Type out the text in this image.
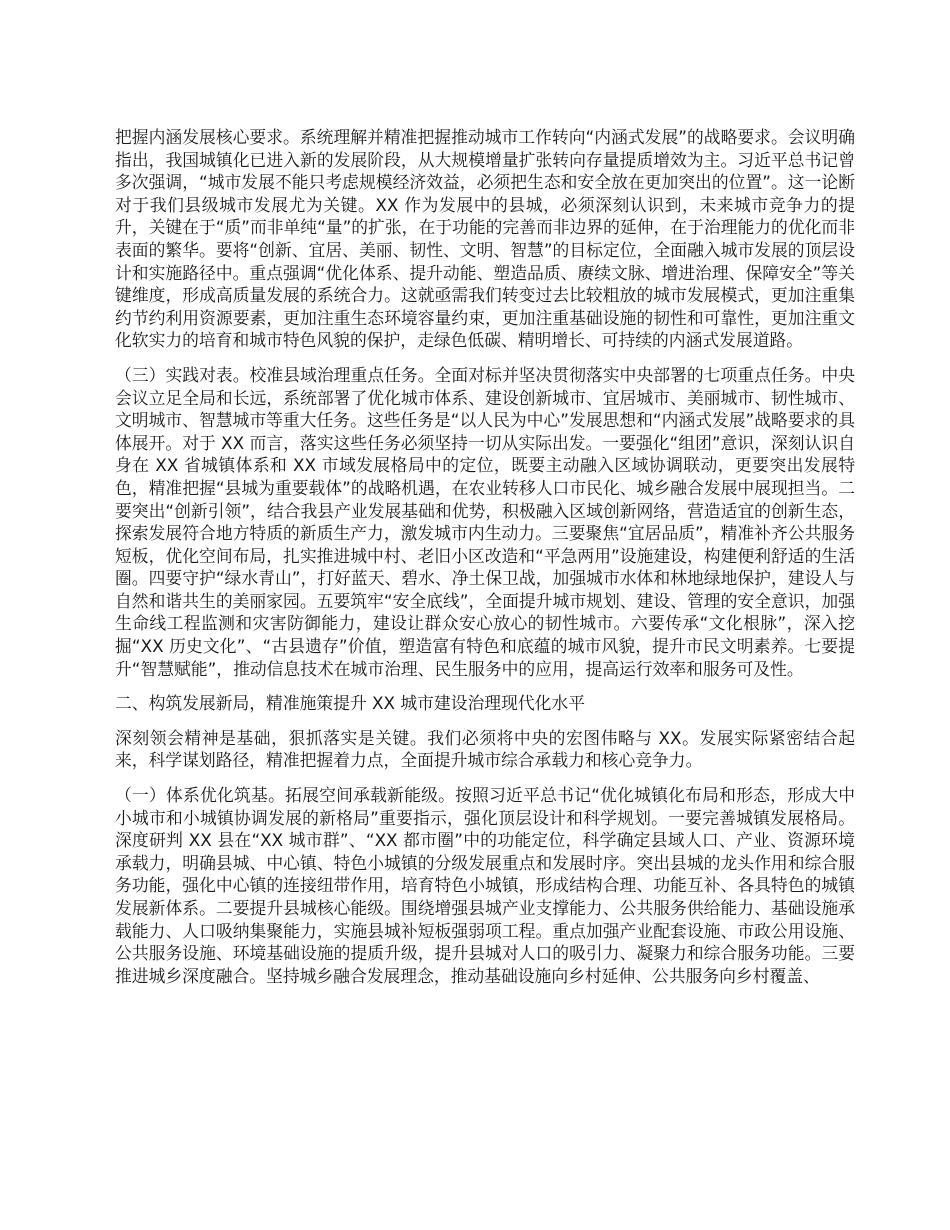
把握内涵发展核心要求。系统理解并精准把握推动城市工作转向“内涵式发展”的战略要求。会议明确指出，我国城镇化已进入新的发展阶段，从大规模增量扩张转向存量提质增效为主。习近平总书记曾多次强调，“城市发展不能只考虑规模经济效益，必须把生态和安全放在更加突出的位置”。这一论断对于我们县级城市发展尤为关键。XX 作为发展中的县城，必须深刻认识到，未来城市竞争力的提升，关键在于“质”而非单纯“量”的扩张，在于功能的完善而非边界的延伸，在于治理能力的优化而非表面的繁华。要将“创新、宜居、美丽、韧性、文明、智慧”的目标定位，全面融入城市发展的顶层设计和实施路径中。重点强调“优化体系、提升动能、塑造品质、赓续文脉、增进治理、保障安全”等关键维度，形成高质量发展的系统合力。这就亟需我们转变过去比较粗放的城市发展模式，更加注重集约节约利用资源要素，更加注重生态环境容量约束，更加注重基础设施的韧性和可靠性，更加注重文化软实力的培育和城市特色风貌的保护，走绿色低碳、精明增长、可持续的内涵式发展道路。

（三）实践对表。校准县域治理重点任务。全面对标并坚决贯彻落实中央部署的七项重点任务。中央会议立足全局和长远，系统部署了优化城市体系、建设创新城市、宜居城市、美丽城市、韧性城市、文明城市、智慧城市等重大任务。这些任务是“以人民为中心”发展思想和“内涵式发展”战略要求的具体展开。对于 XX 而言，落实这些任务必须坚持一切从实际出发。一要强化“组团”意识，深刻认识自身在 XX 省城镇体系和 XX 市域发展格局中的定位，既要主动融入区域协调联动，更要突出发展特色，精准把握“县城为重要载体”的战略机遇，在农业转移人口市民化、城乡融合发展中展现担当。二要突出“创新引领”，结合我县产业发展基础和优势，积极融入区域创新网络，营造适宜的创新生态，探索发展符合地方特质的新质生产力，激发城市内生动力。三要聚焦“宜居品质”，精准补齐公共服务短板，优化空间布局，扎实推进城中村、老旧小区改造和“平急两用”设施建设，构建便利舒适的生活圈。四要守护“绿水青山”，打好蓝天、碧水、净土保卫战，加强城市水体和林地绿地保护，建设人与自然和谐共生的美丽家园。五要筑牢“安全底线”，全面提升城市规划、建设、管理的安全意识，加强生命线工程监测和灾害防御能力，建设让群众安心放心的韧性城市。六要传承“文化根脉”，深入挖掘“XX 历史文化”、“古县遗存”价值，塑造富有特色和底蕴的城市风貌，提升市民文明素养。七要提升“智慧赋能”，推动信息技术在城市治理、民生服务中的应用，提高运行效率和服务可及性。

二、构筑发展新局，精准施策提升 XX 城市建设治理现代化水平

深刻领会精神是基础，狠抓落实是关键。我们必须将中央的宏图伟略与 XX。发展实际紧密结合起来，科学谋划路径，精准把握着力点，全面提升城市综合承载力和核心竞争力。

（一）体系优化筑基。拓展空间承载新能级。按照习近平总书记“优化城镇化布局和形态，形成大中小城市和小城镇协调发展的新格局”重要指示，强化顶层设计和科学规划。一要完善城镇发展格局。深度研判 XX 县在“XX 城市群”、“XX 都市圈”中的功能定位，科学确定县域人口、产业、资源环境承载力，明确县城、中心镇、特色小城镇的分级发展重点和发展时序。突出县城的龙头作用和综合服务功能，强化中心镇的连接纽带作用，培育特色小城镇，形成结构合理、功能互补、各具特色的城镇发展新体系。二要提升县城核心能级。围绕增强县城产业支撑能力、公共服务供给能力、基础设施承载能力、人口吸纳集聚能力，实施县城补短板强弱项工程。重点加强产业配套设施、市政公用设施、公共服务设施、环境基础设施的提质升级，提升县城对人口的吸引力、凝聚力和综合服务功能。三要推进城乡深度融合。坚持城乡融合发展理念，推动基础设施向乡村延伸、公共服务向乡村覆盖、
